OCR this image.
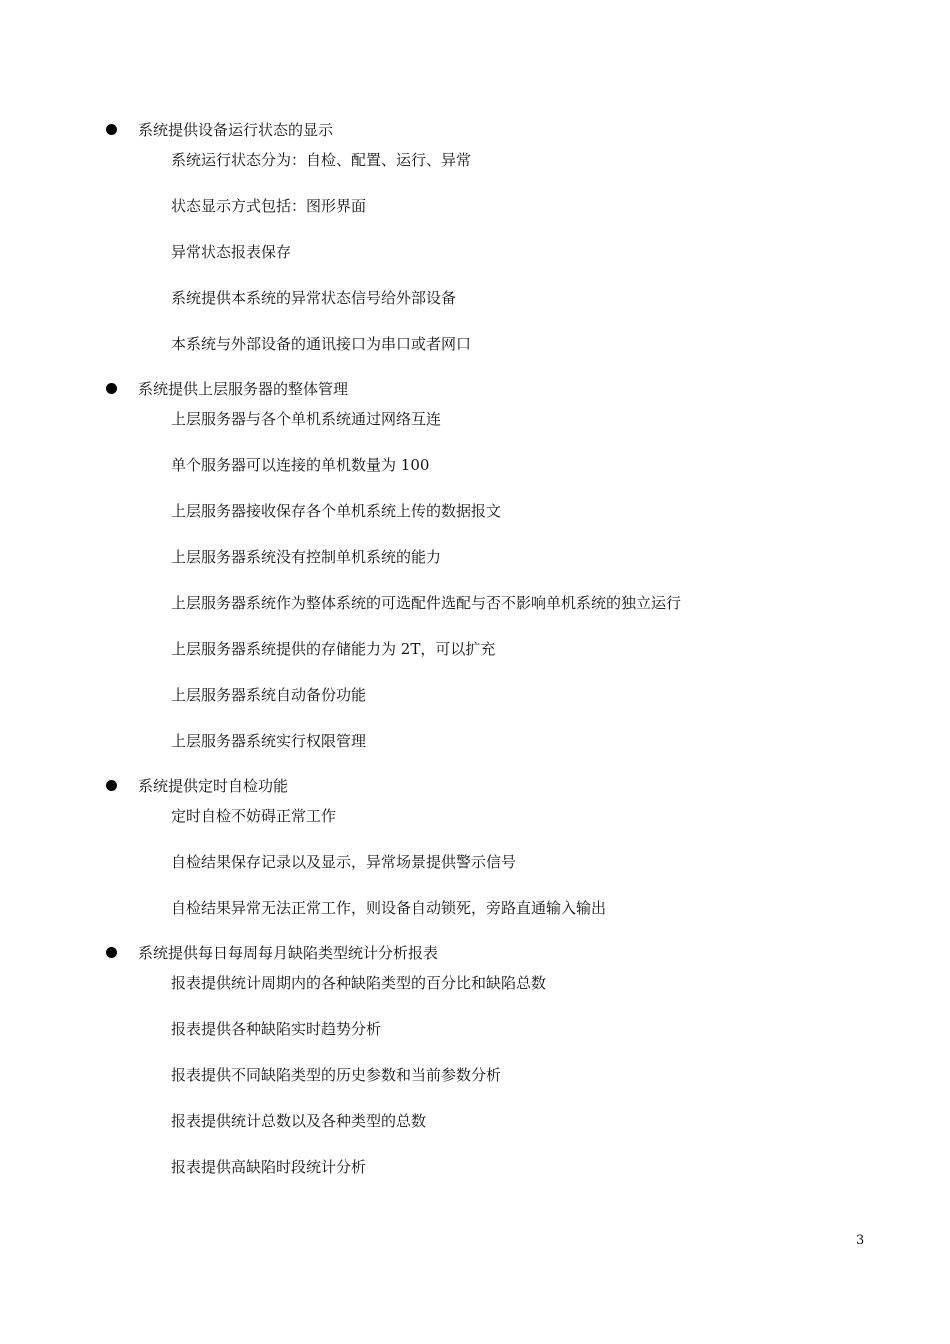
系统提供设备运行状态的显示
系统运行状态分为：自检、配置、运行、异常
状态显示方式包括：图形界面
异常状态报表保存
系统提供本系统的异常状态信号给外部设备
本系统与外部设备的通讯接口为串口或者网口
系统提供上层服务器的整体管理
上层服务器与各个单机系统通过网络互连
单个服务器可以连接的单机数量为 100
上层服务器接收保存各个单机系统上传的数据报文
上层服务器系统没有控制单机系统的能力
上层服务器系统作为整体系统的可选配件选配与否不影响单机系统的独立运行
上层服务器系统提供的存储能力为 2T，可以扩充
上层服务器系统自动备份功能
上层服务器系统实行权限管理
系统提供定时自检功能
定时自检不妨碍正常工作
自检结果保存记录以及显示，异常场景提供警示信号
自检结果异常无法正常工作，则设备自动锁死，旁路直通输入输出
系统提供每日每周每月缺陷类型统计分析报表
报表提供统计周期内的各种缺陷类型的百分比和缺陷总数
报表提供各种缺陷实时趋势分析
报表提供不同缺陷类型的历史参数和当前参数分析
报表提供统计总数以及各种类型的总数
报表提供高缺陷时段统计分析
3
